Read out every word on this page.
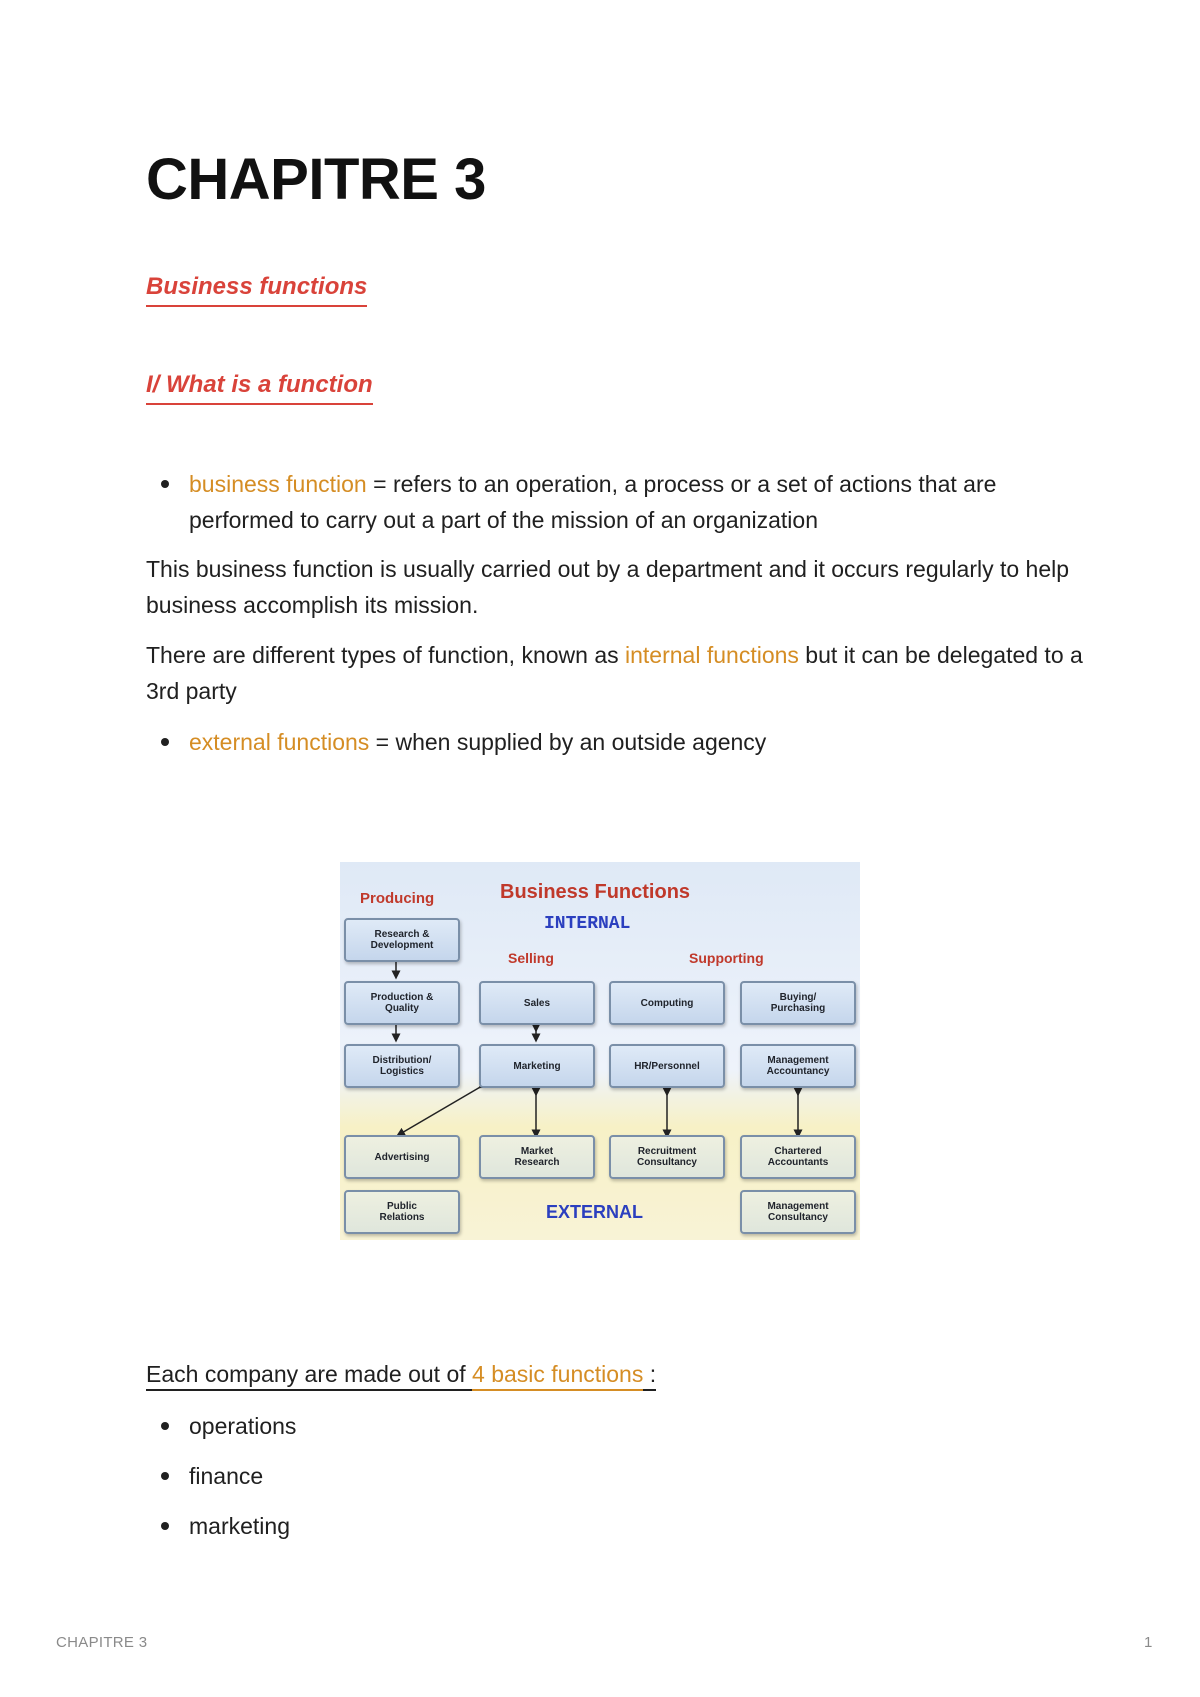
CHAPITRE 3
Business functions
I/ What is a function
business function = refers to an operation, a process or a set of actions that are performed to carry out a part of the mission of an organization

This business function is usually carried out by a department and it occurs regularly to help business accomplish its mission.

There are different types of function, known as internal functions but it can be delegated to a 3rd party

external functions = when supplied by an outside agency
Producing	Business Functions
INTERNAL
Selling	Supporting
Research &
Development
Production &
Quality
Distribution/
Logistics
Sales
Marketing
Computing
HR/Personnel
Buying/
Purchasing
Management
Accountancy
Advertising
Public
Relations
Market
Research
Recruitment
Consultancy
Chartered
Accountants
Management
Consultancy
EXTERNAL

Each company are made out of 4 basic functions :

operations
finance
marketing
CHAPITRE 3	1
